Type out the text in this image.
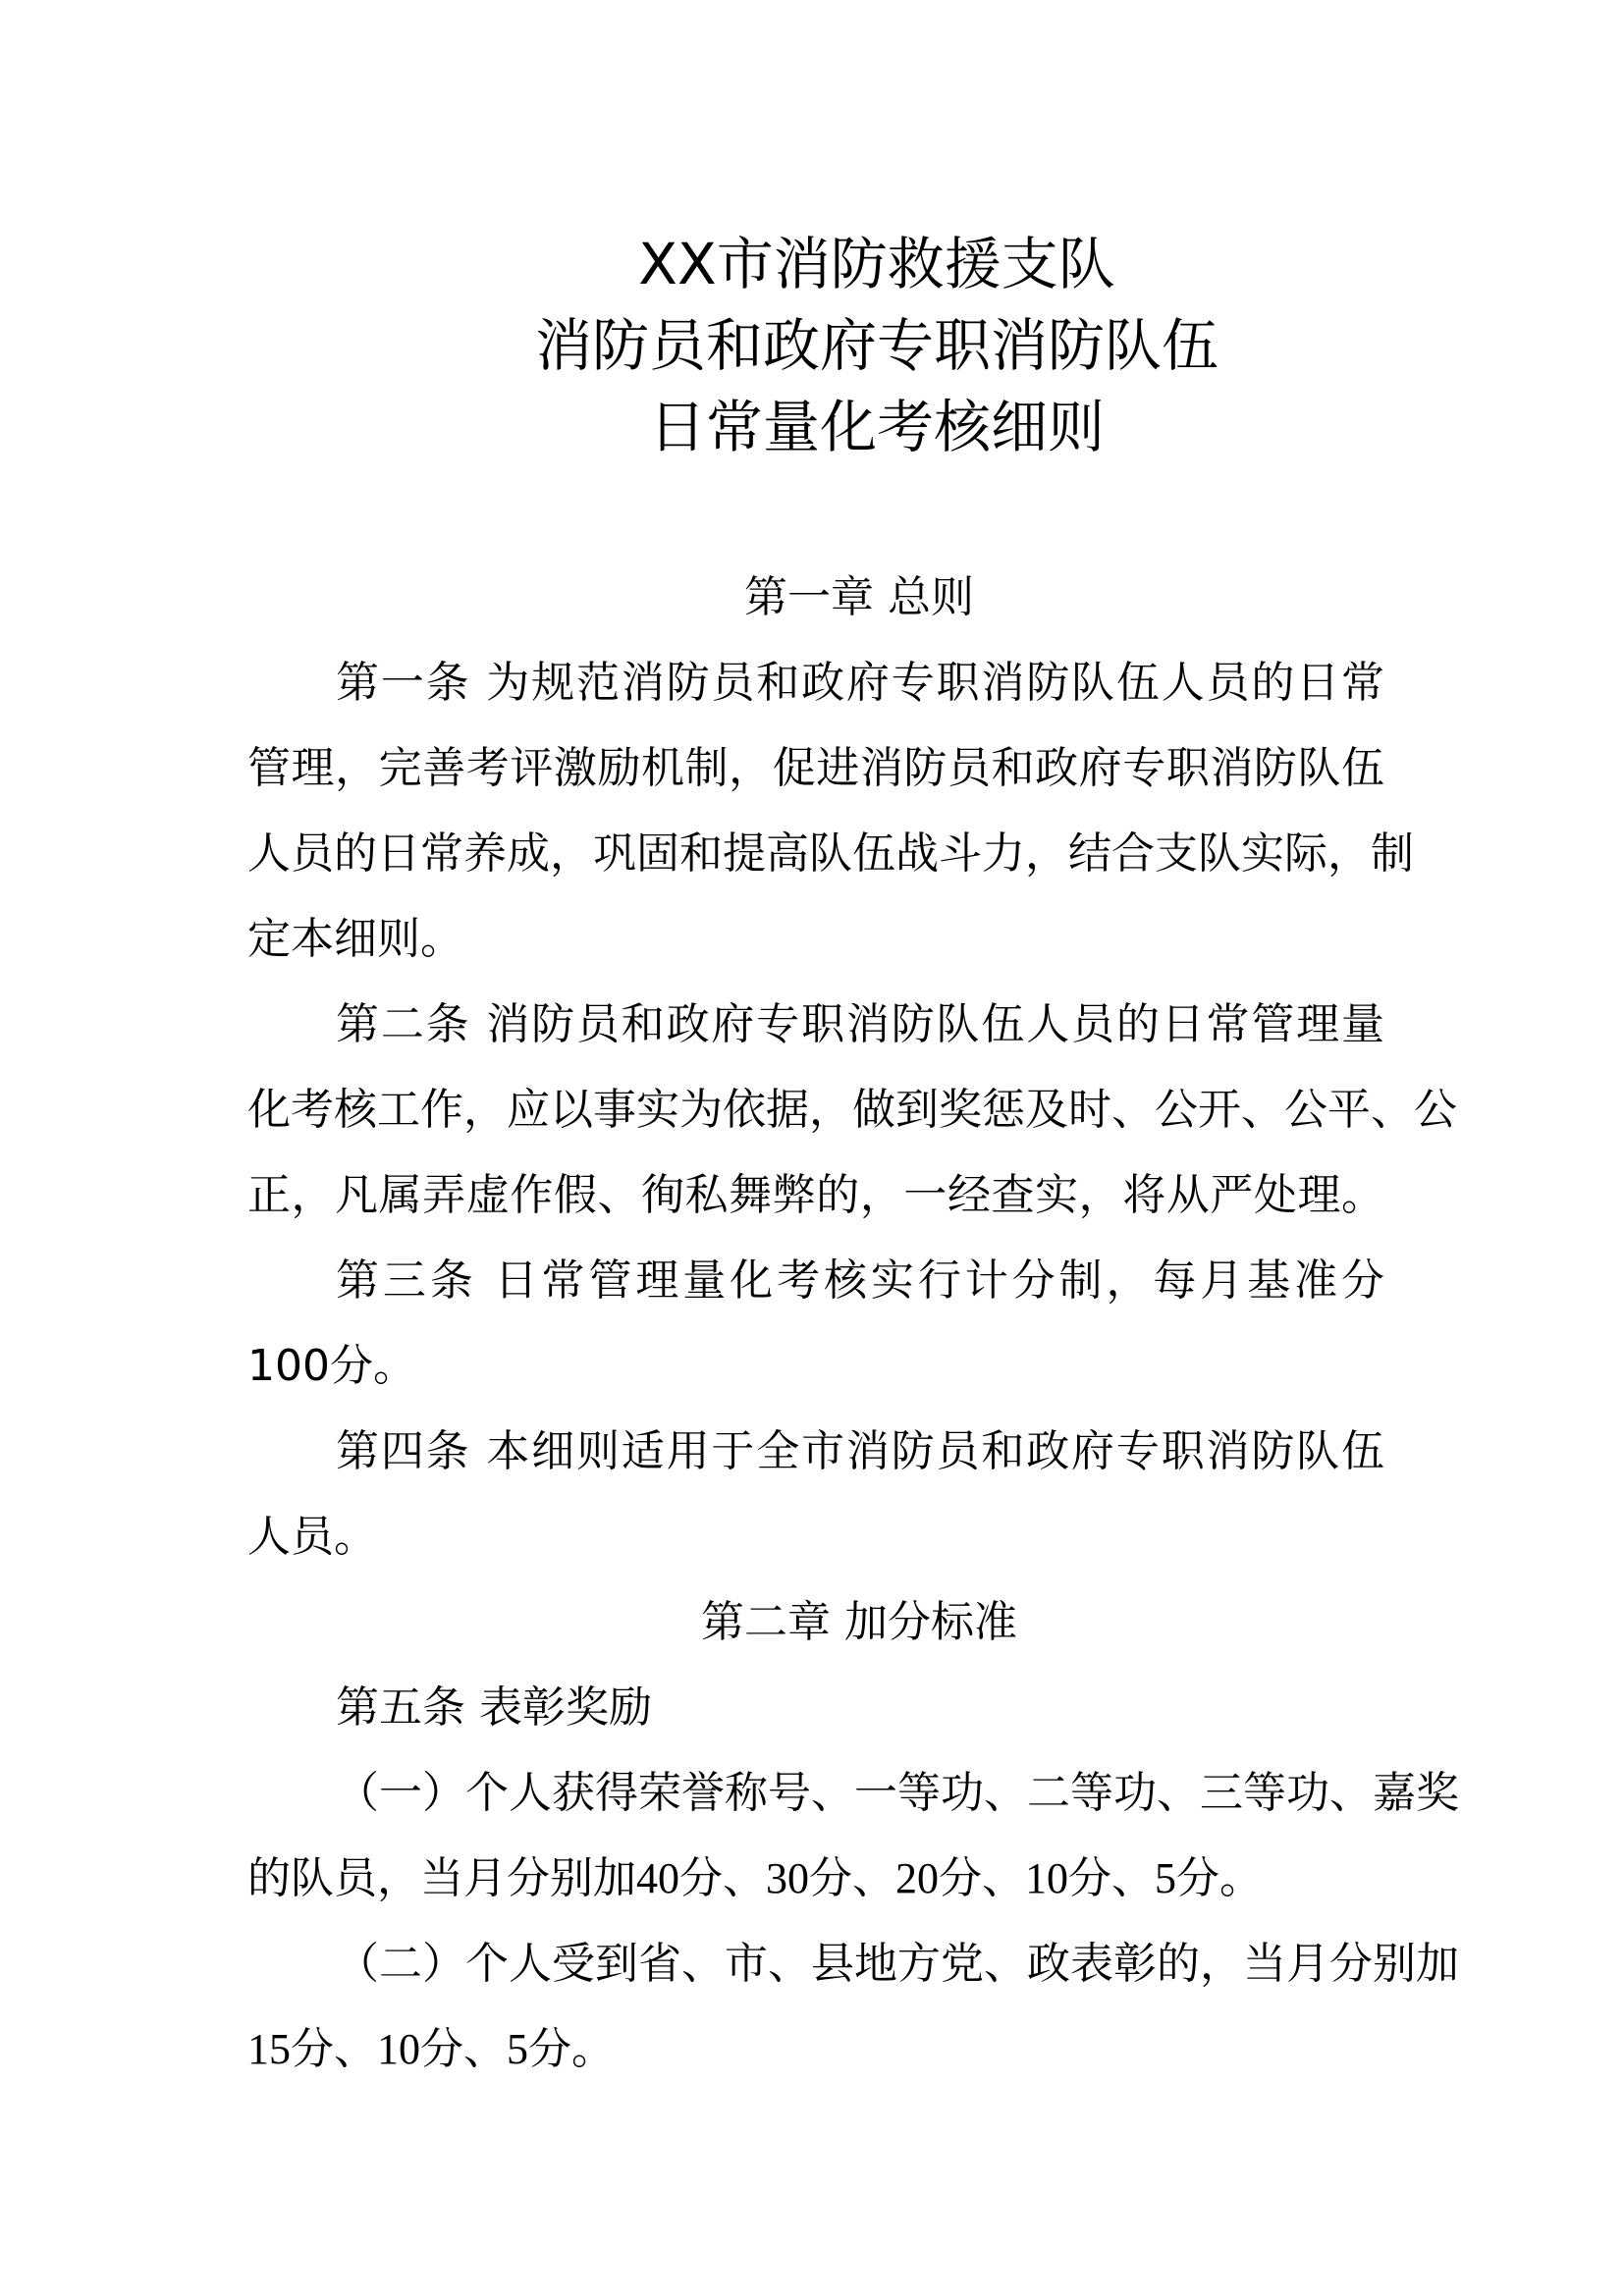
XX市消防救援支队
消防员和政府专职消防队伍
日常量化考核细则
第一章 总则
第一条 为规范消防员和政府专职消防队伍人员的日常
管理，完善考评激励机制，促进消防员和政府专职消防队伍
人员的日常养成，巩固和提高队伍战斗力，结合支队实际，制
定本细则。
第二条 消防员和政府专职消防队伍人员的日常管理量
化考核工作，应以事实为依据，做到奖惩及时、公开、公平、公
正，凡属弄虚作假、徇私舞弊的，一经查实，将从严处理。
第三条 日常管理量化考核实行计分制，每月基准分
100分。
第四条 本细则适用于全市消防员和政府专职消防队伍
人员。
第二章 加分标准
第五条 表彰奖励
（一）个人获得荣誉称号、一等功、二等功、三等功、嘉奖
的队员，当月分别加40分、30分、20分、10分、5分。
（二）个人受到省、市、县地方党、政表彰的，当月分别加
15分、10分、5分。
